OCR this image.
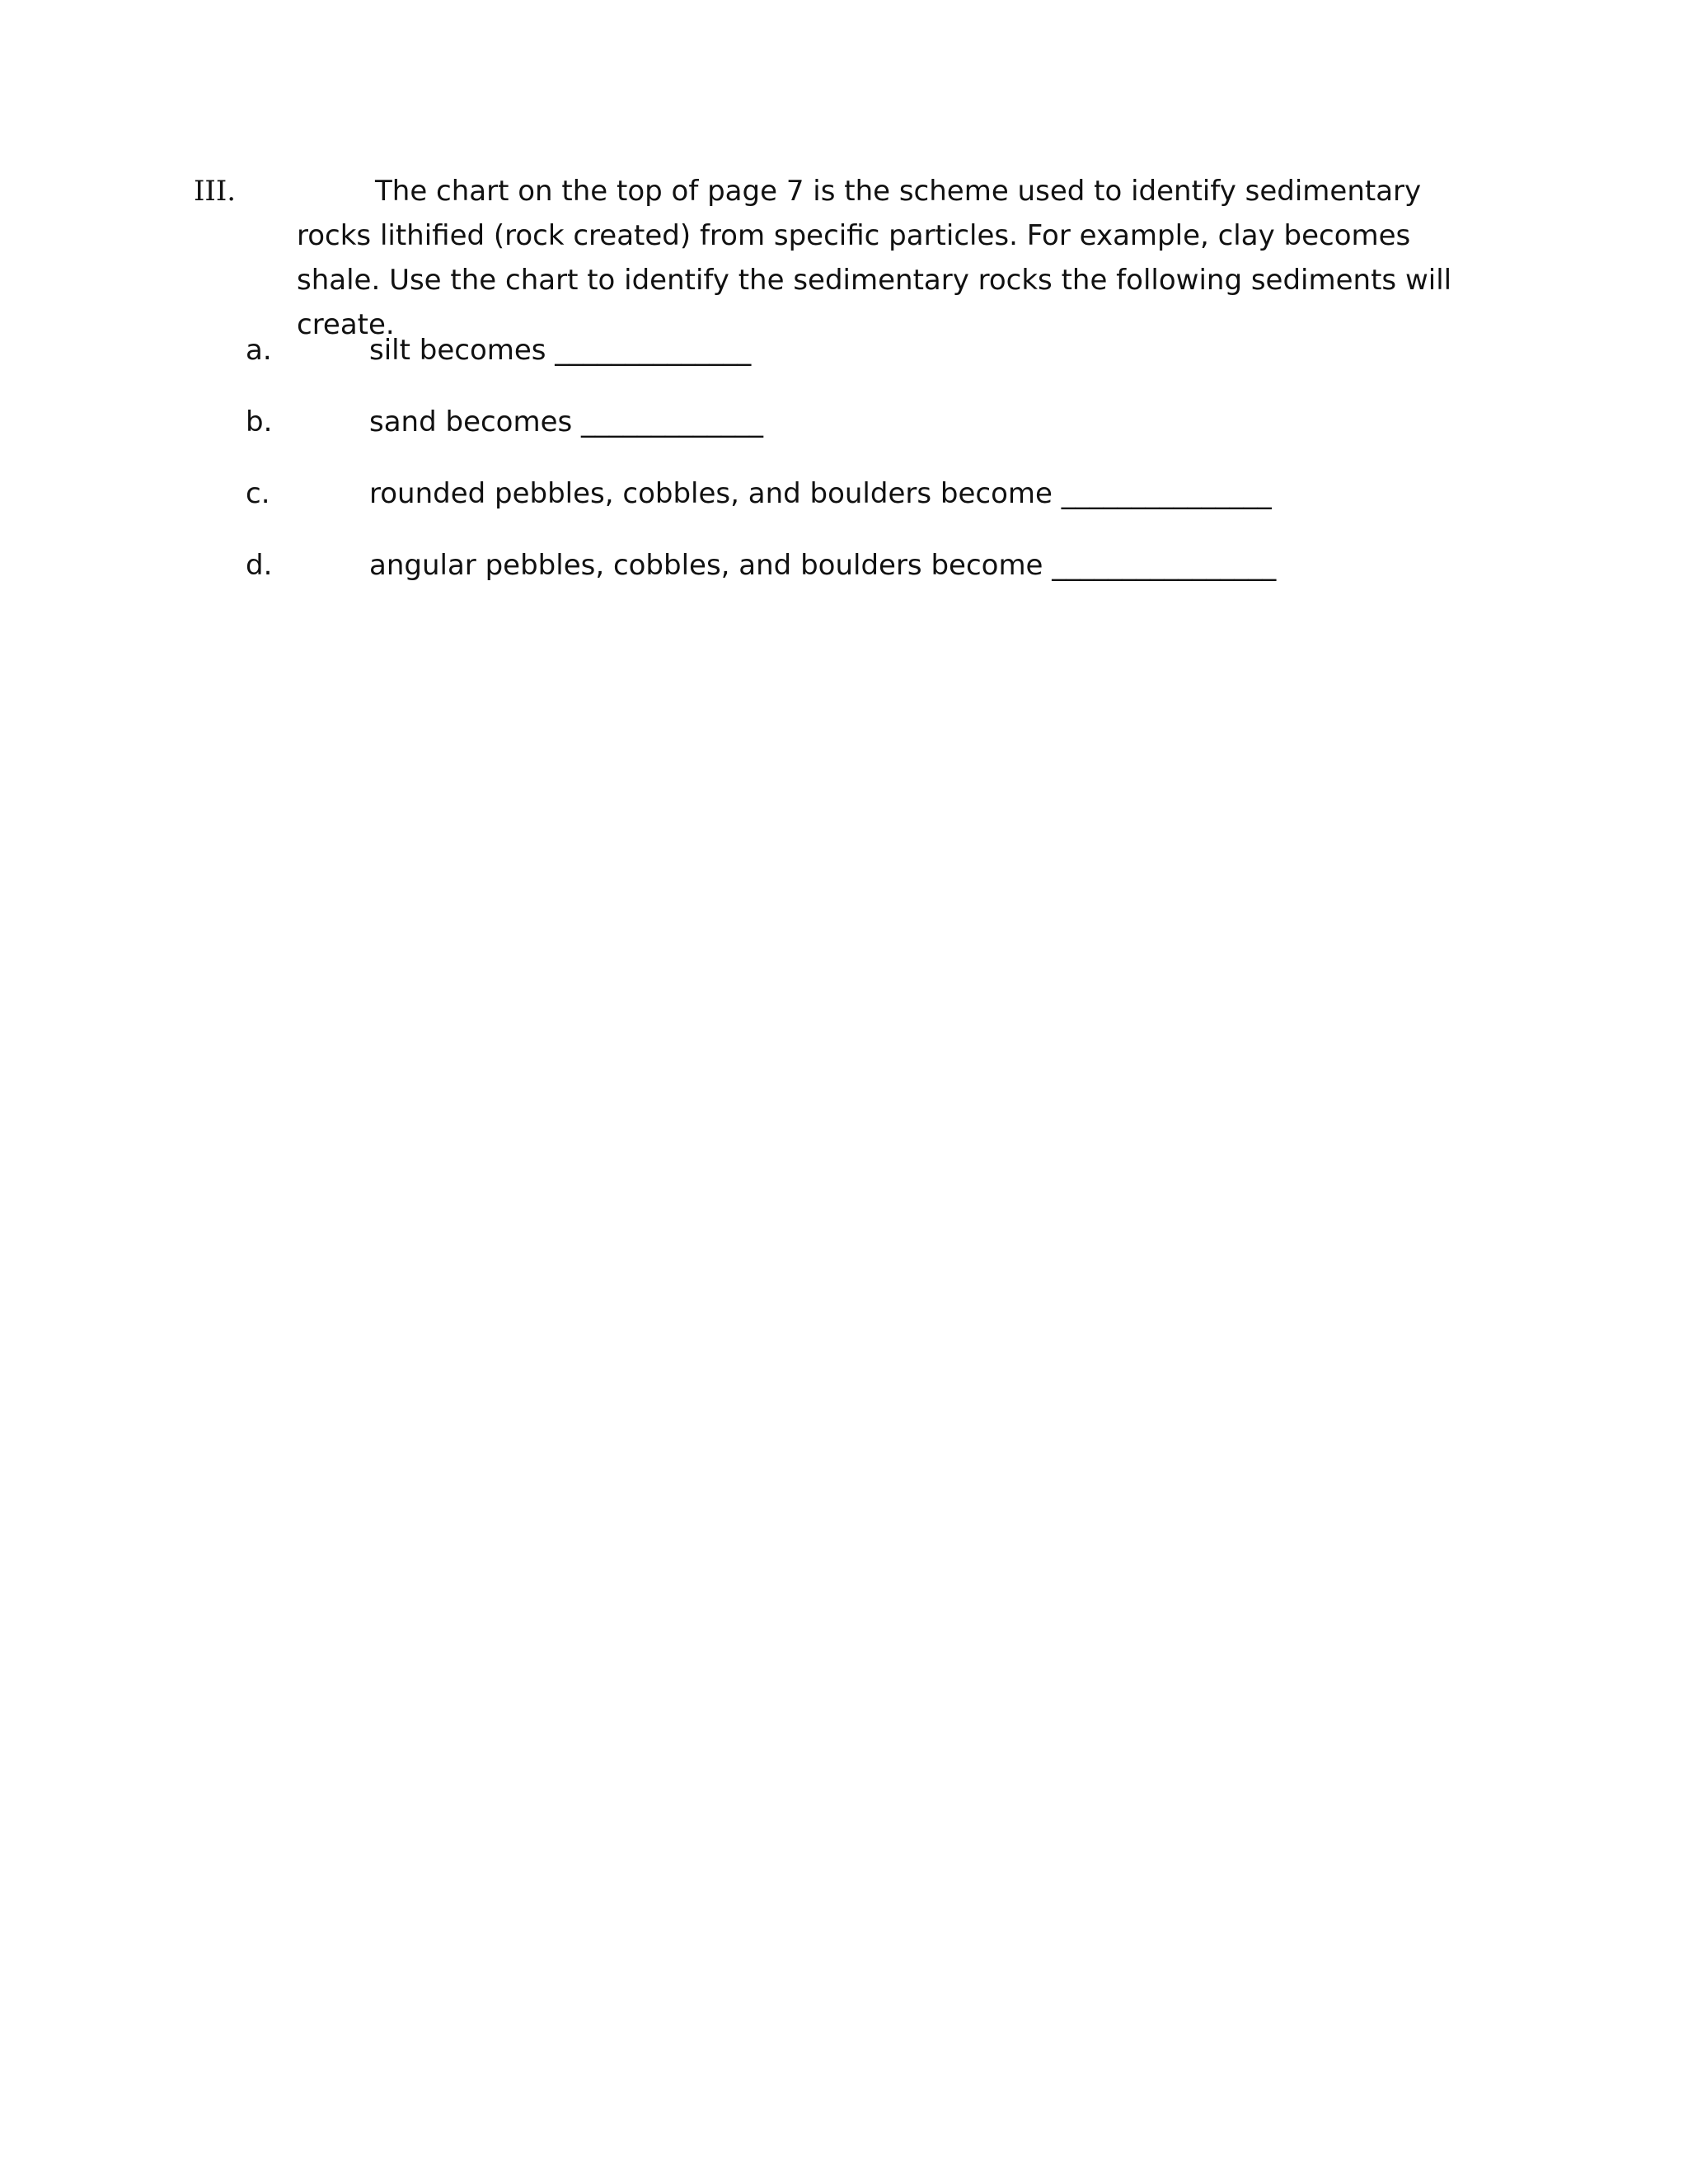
III.	The chart on the top of page 7 is the scheme used to identify sedimentary rocks lithified (rock created) from specific particles. For example, clay becomes shale. Use the chart to identify the sedimentary rocks the following sediments will create.
a.	silt becomes ______________
b.	sand becomes _____________
c.	rounded pebbles, cobbles, and boulders become _______________
d.	angular pebbles, cobbles, and boulders become ________________
